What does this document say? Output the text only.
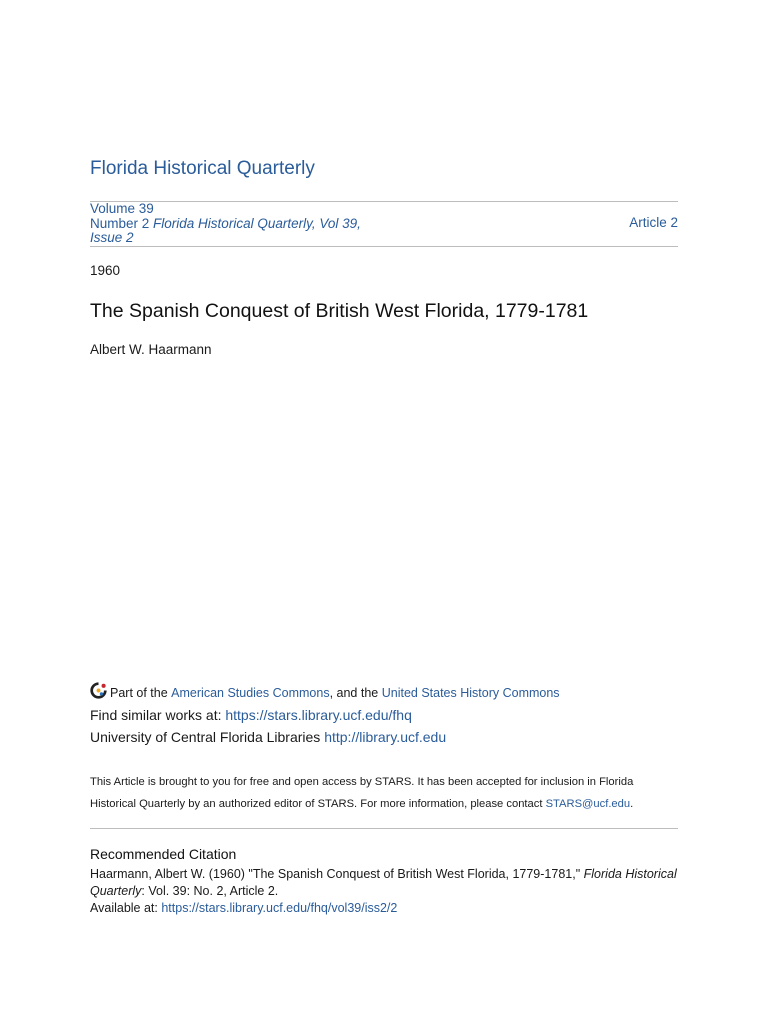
Florida Historical Quarterly
Volume 39
Number 2 Florida Historical Quarterly, Vol 39,
Issue 2
Article 2
1960
The Spanish Conquest of British West Florida, 1779-1781
Albert W. Haarmann
Part of the
American Studies Commons , and the
United States History Commons
Find similar works at: https://stars.library.ucf.edu/fhq
University of Central Florida Libraries http://library.ucf.edu
This Article is brought to you for free and open access by STARS. It has been accepted for inclusion in Florida Historical Quarterly by an authorized editor of STARS. For more information, please contact STARS@ucf.edu.
Recommended Citation
Haarmann, Albert W. (1960) "The Spanish Conquest of British West Florida, 1779-1781," Florida Historical Quarterly: Vol. 39: No. 2, Article 2.
Available at: https://stars.library.ucf.edu/fhq/vol39/iss2/2
